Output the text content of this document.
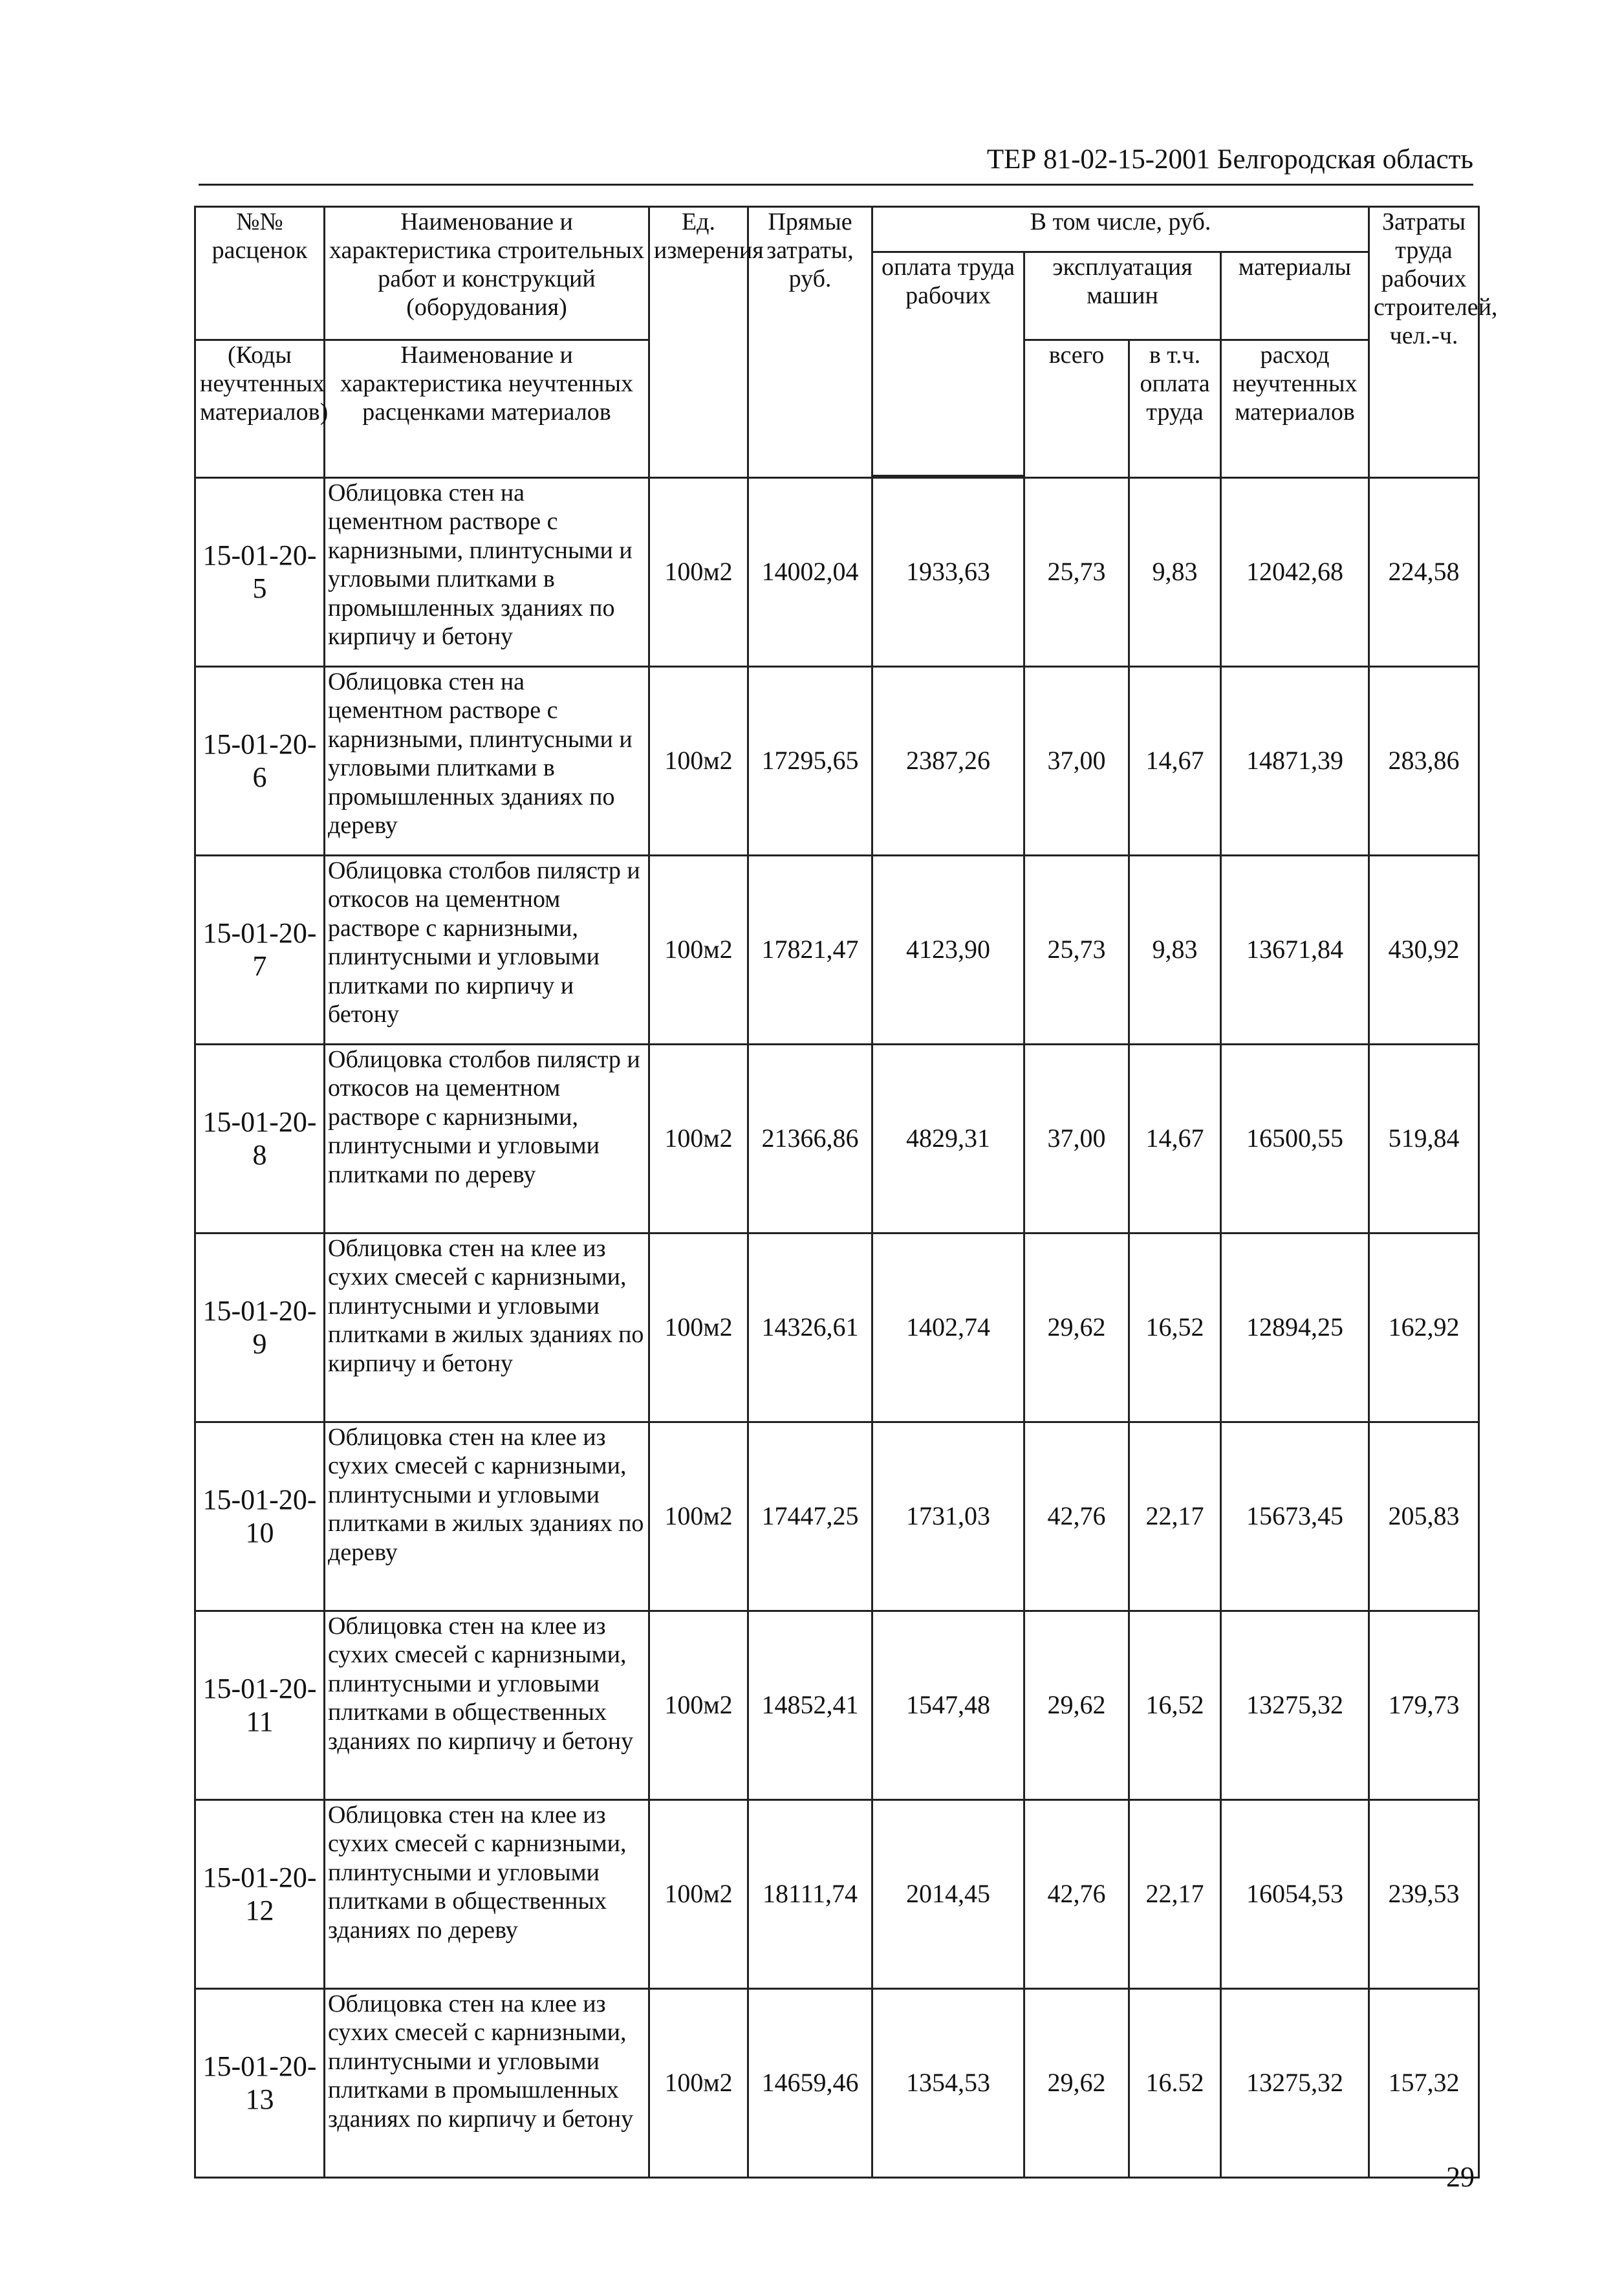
ТЕР 81-02-15-2001 Белгородская область
№№ расценок	Наименование и характеристика строительных работ и конструкций (оборудования)	Ед. измерения	Прямые затраты, руб.	В том числе, руб.				Затраты труда рабочих строителей, чел.-ч.
				оплата труда рабочих	эксплуатация машин		материалы	
(Коды неучтенных материалов)	Наименование и характеристика неучтенных расценками материалов				всего	в т.ч. оплата труда	расход неучтенных материалов	

15-01-20-5	Облицовка стен на цементном растворе с карнизными, плинтусными и угловыми плитками в промышленных зданиях по кирпичу и бетону	100м2	14002,04	1933,63	25,73	9,83	12042,68	224,58
15-01-20-6	Облицовка стен на цементном растворе с карнизными, плинтусными и угловыми плитками в промышленных зданиях по дереву	100м2	17295,65	2387,26	37,00	14,67	14871,39	283,86
15-01-20-7	Облицовка столбов пилястр и откосов на цементном растворе с карнизными, плинтусными и угловыми плитками по кирпичу и бетону	100м2	17821,47	4123,90	25,73	9,83	13671,84	430,92
15-01-20-8	Облицовка столбов пилястр и откосов на цементном растворе с карнизными, плинтусными и угловыми плитками по дереву	100м2	21366,86	4829,31	37,00	14,67	16500,55	519,84
15-01-20-9	Облицовка стен на клее из сухих смесей с карнизными, плинтусными и угловыми плитками в жилых зданиях по кирпичу и бетону	100м2	14326,61	1402,74	29,62	16,52	12894,25	162,92
15-01-20-10	Облицовка стен на клее из сухих смесей с карнизными, плинтусными и угловыми плитками в жилых зданиях по дереву	100м2	17447,25	1731,03	42,76	22,17	15673,45	205,83
15-01-20-11	Облицовка стен на клее из сухих смесей с карнизными, плинтусными и угловыми плитками в общественных зданиях по кирпичу и бетону	100м2	14852,41	1547,48	29,62	16,52	13275,32	179,73
15-01-20-12	Облицовка стен на клее из сухих смесей с карнизными, плинтусными и угловыми плитками в общественных зданиях по дереву	100м2	18111,74	2014,45	42,76	22,17	16054,53	239,53
15-01-20-13	Облицовка стен на клее из сухих смесей с карнизными, плинтусными и угловыми плитками в промышленных зданиях по кирпичу и бетону	100м2	14659,46	1354,53	29,62	16.52	13275,32	157,32
29
